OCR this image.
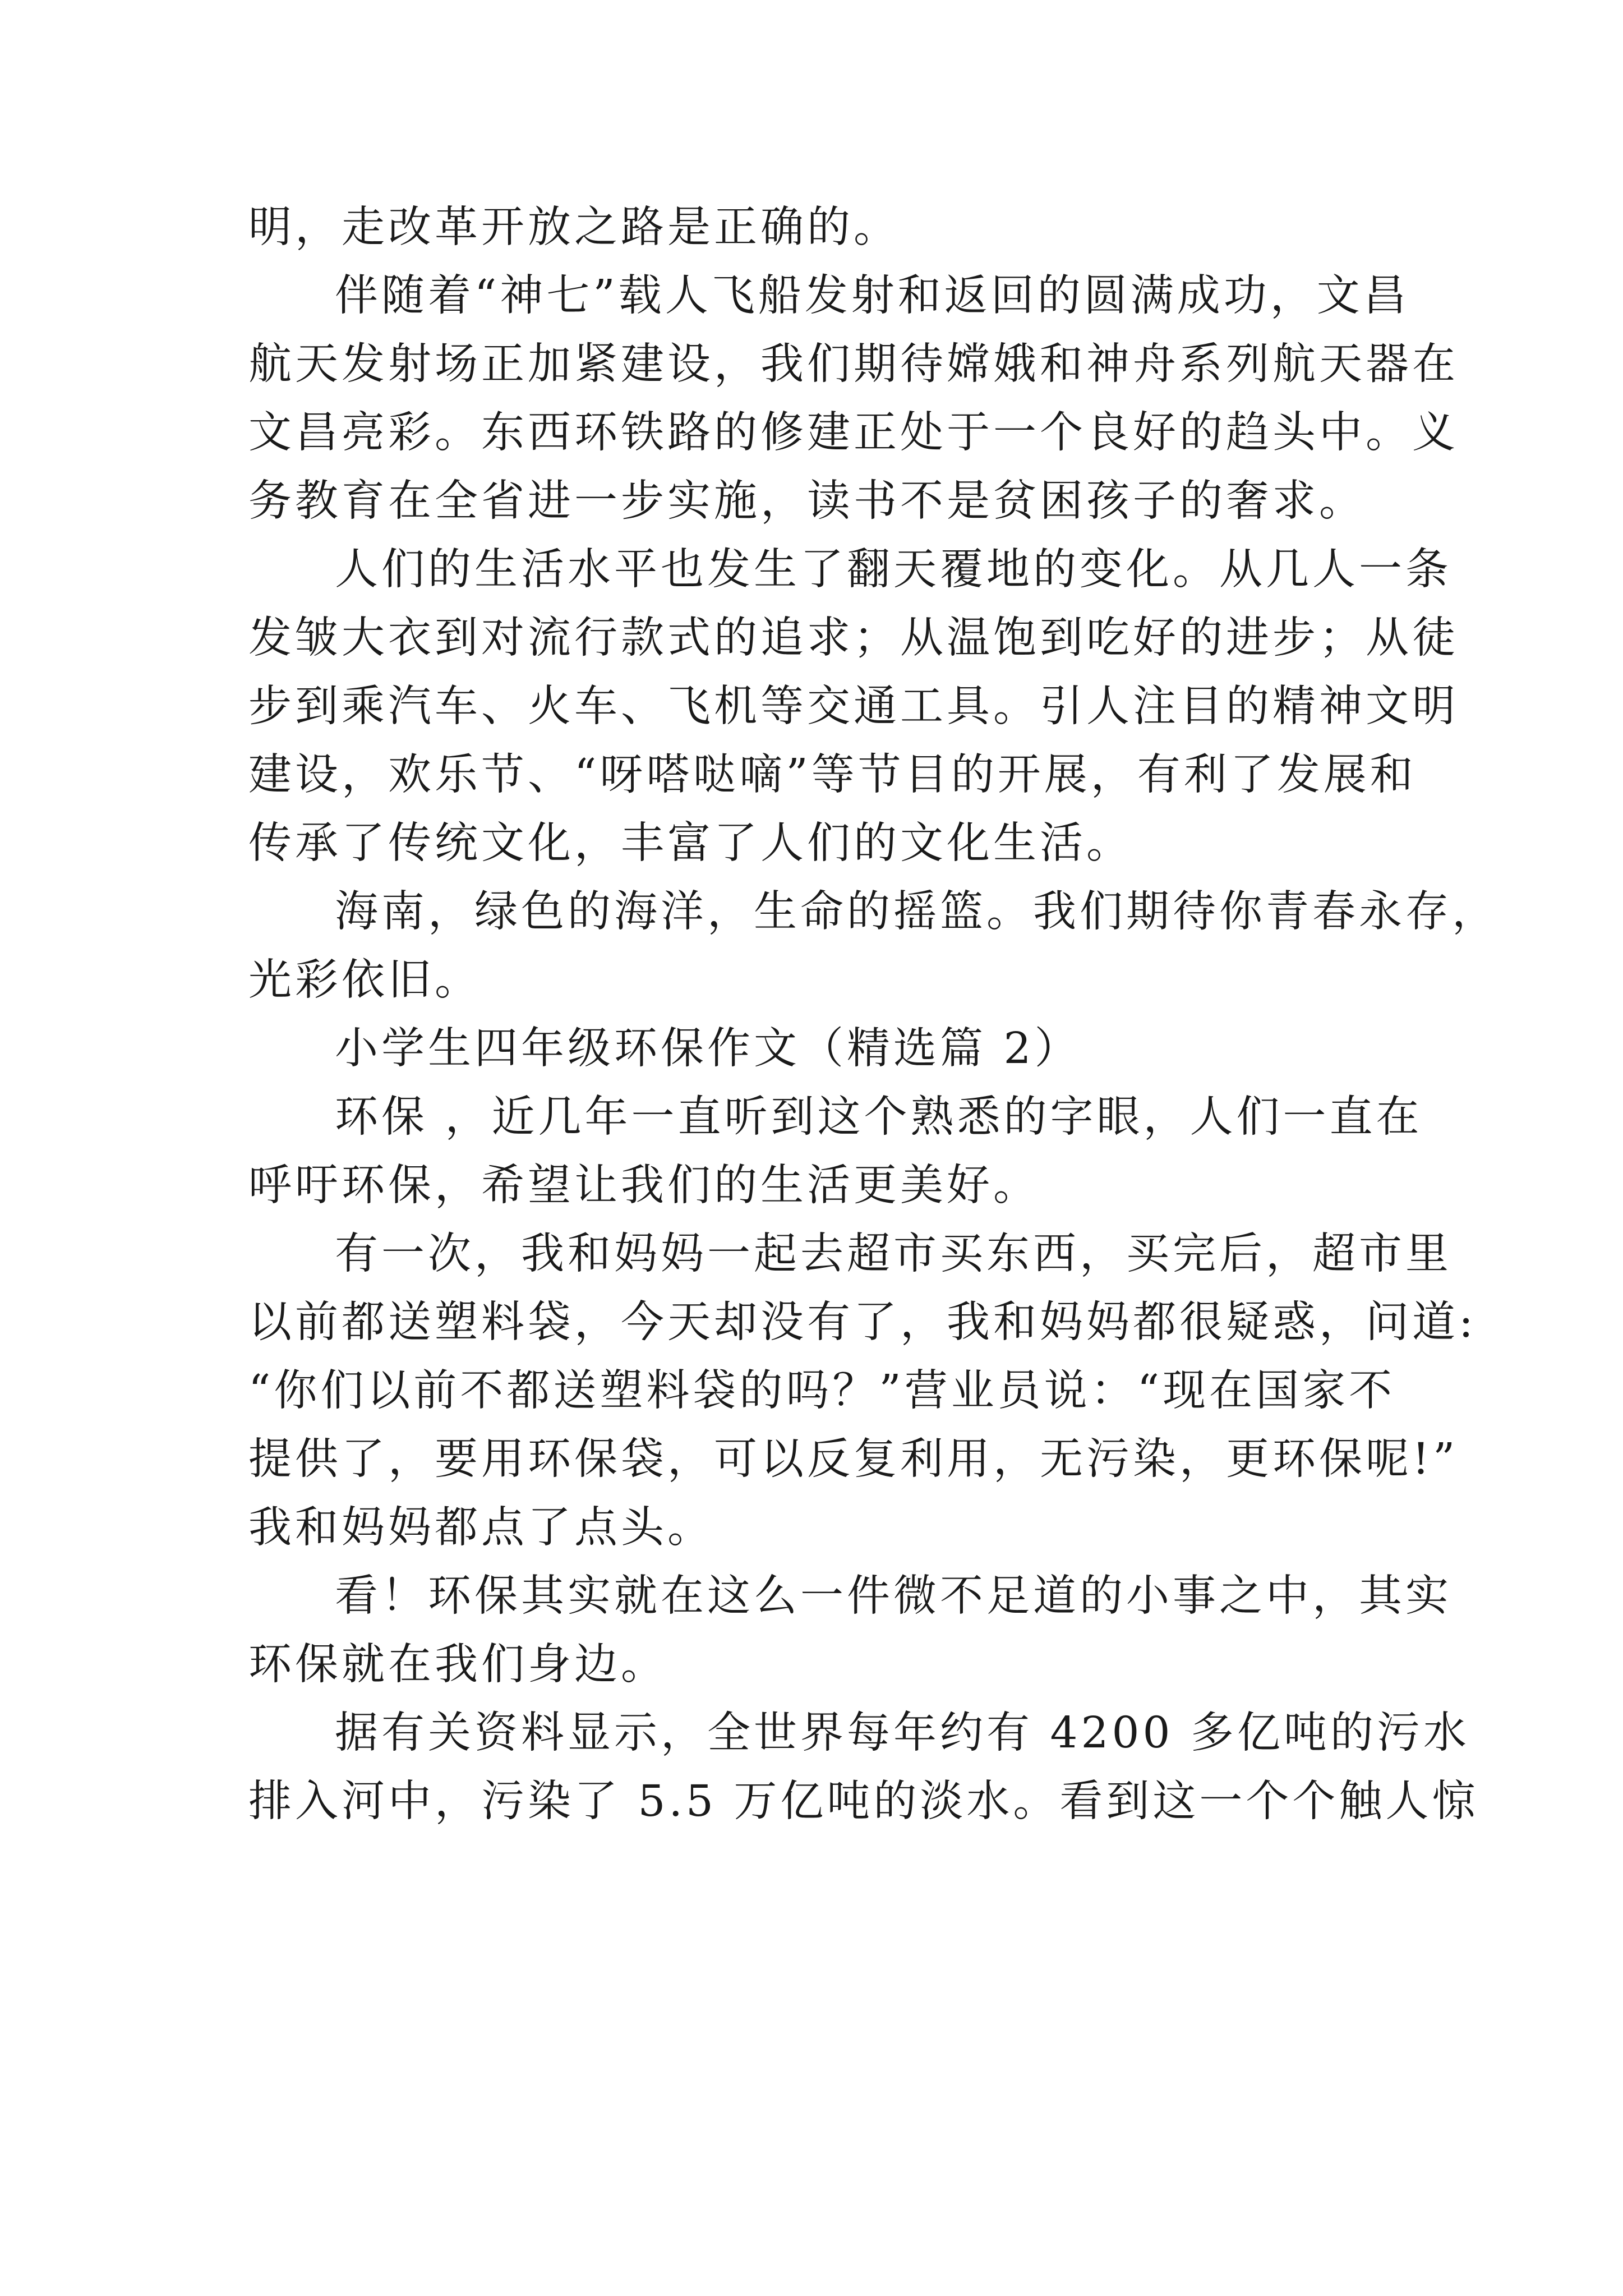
明，走改革开放之路是正确的。
伴随着“神七”载人飞船发射和返回的圆满成功，文昌
航天发射场正加紧建设，我们期待嫦娥和神舟系列航天器在
文昌亮彩。东西环铁路的修建正处于一个良好的趋头中。义
务教育在全省进一步实施，读书不是贫困孩子的奢求。
人们的生活水平也发生了翻天覆地的变化。从几人一条
发皱大衣到对流行款式的追求；从温饱到吃好的进步；从徒
步到乘汽车、火车、飞机等交通工具。引人注目的精神文明
建设，欢乐节、“呀嗒哒嘀”等节目的开展，有利了发展和
传承了传统文化，丰富了人们的文化生活。
海南，绿色的海洋，生命的摇篮。我们期待你青春永存，
光彩依旧。
小学生四年级环保作文（精选篇 2）
环保 ，近几年一直听到这个熟悉的字眼，人们一直在
呼吁环保，希望让我们的生活更美好。
有一次，我和妈妈一起去超市买东西，买完后，超市里
以前都送塑料袋，今天却没有了，我和妈妈都很疑惑，问道:
“你们以前不都送塑料袋的吗？”营业员说：“现在国家不
提供了，要用环保袋，可以反复利用，无污染，更环保呢!”
我和妈妈都点了点头。
看！环保其实就在这么一件微不足道的小事之中，其实
环保就在我们身边。
据有关资料显示，全世界每年约有 4200 多亿吨的污水
排入河中，污染了 5.5 万亿吨的淡水。看到这一个个触人惊
